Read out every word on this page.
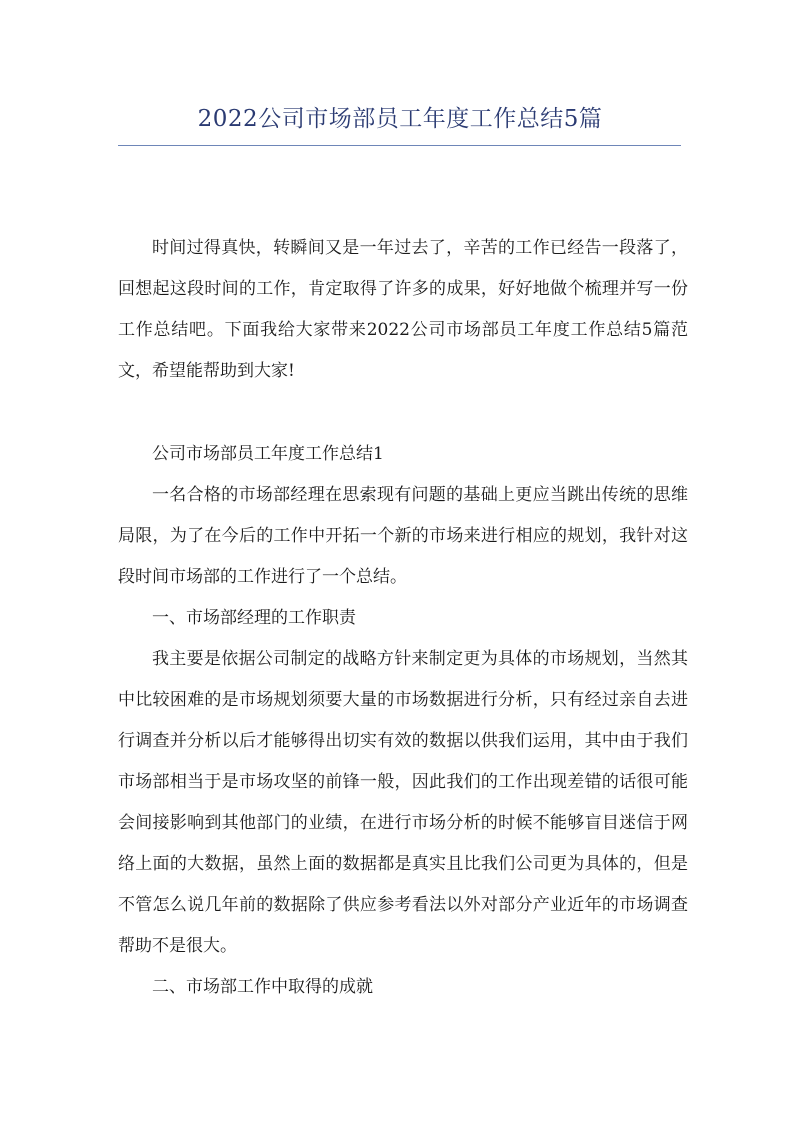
2022公司市场部员工年度工作总结5篇

时间过得真快，转瞬间又是一年过去了，辛苦的工作已经告一段落了，回想起这段时间的工作，肯定取得了许多的成果，好好地做个梳理并写一份工作总结吧。下面我给大家带来2022公司市场部员工年度工作总结5篇范文，希望能帮助到大家!

公司市场部员工年度工作总结1

一名合格的市场部经理在思索现有问题的基础上更应当跳出传统的思维局限，为了在今后的工作中开拓一个新的市场来进行相应的规划，我针对这段时间市场部的工作进行了一个总结。

一、市场部经理的工作职责

我主要是依据公司制定的战略方针来制定更为具体的市场规划，当然其中比较困难的是市场规划须要大量的市场数据进行分析，只有经过亲自去进行调查并分析以后才能够得出切实有效的数据以供我们运用，其中由于我们市场部相当于是市场攻坚的前锋一般，因此我们的工作出现差错的话很可能会间接影响到其他部门的业绩，在进行市场分析的时候不能够盲目迷信于网络上面的大数据，虽然上面的数据都是真实且比我们公司更为具体的，但是不管怎么说几年前的数据除了供应参考看法以外对部分产业近年的市场调查帮助不是很大。

二、市场部工作中取得的成就
